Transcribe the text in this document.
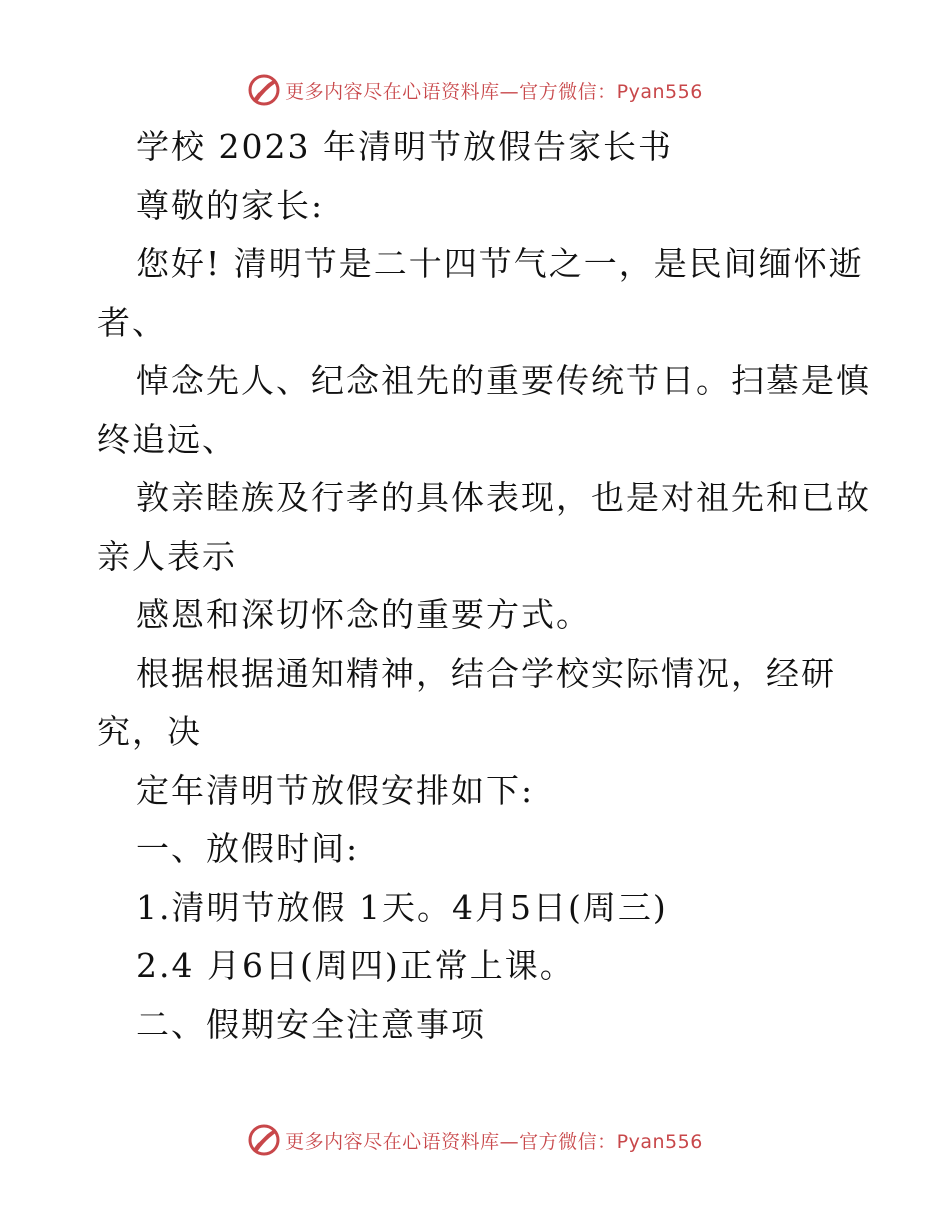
更多内容尽在心语资料库—官方微信：Pyan556
学校 2023 年清明节放假告家长书
尊敬的家长:
您好! 清明节是二十四节气之一，是民间缅怀逝
者、
悼念先人、纪念祖先的重要传统节日。扫墓是慎
终追远、
敦亲睦族及行孝的具体表现，也是对祖先和已故
亲人表示
感恩和深切怀念的重要方式。
根据根据通知精神，结合学校实际情况，经研
究，决
定年清明节放假安排如下:
一、放假时间:
1.清明节放假 1天。4月5日(周三)
2.4 月6日(周四)正常上课。
二、假期安全注意事项
更多内容尽在心语资料库—官方微信：Pyan556
